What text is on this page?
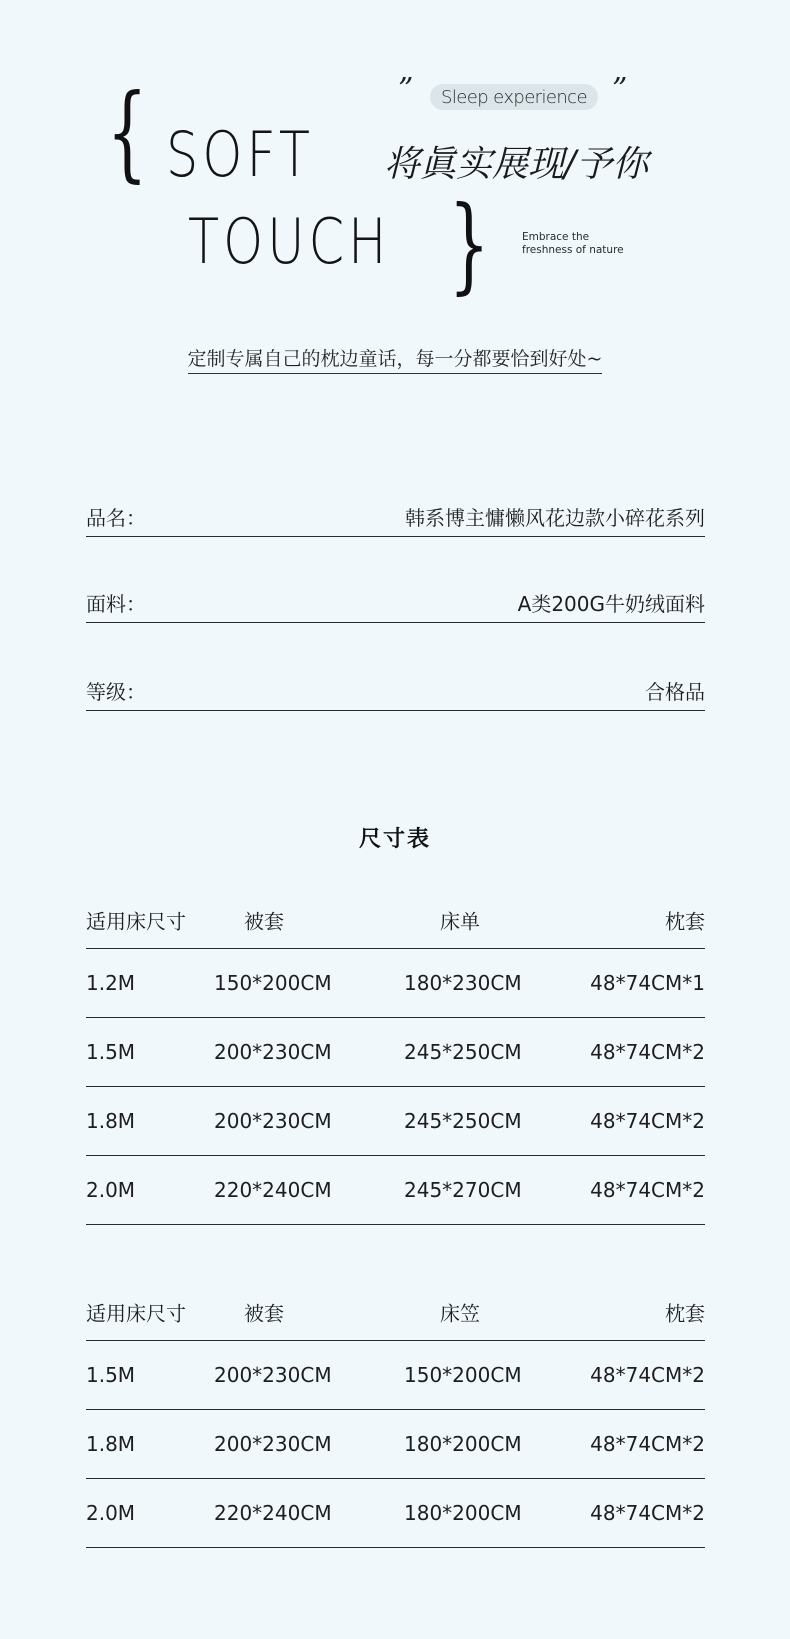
{ SOFT
TOUCH }
”	Sleep experience ”
将眞实展现/予你
Embrace the
freshness of nature
定制专属自己的枕边童话，每一分都要恰到好处~
品名：	韩系博主慵懒风花边款小碎花系列
面料：	A类200G牛奶绒面料
等级：	合格品
尺寸表
适用床尺寸	被套	床单	枕套
1.2M	150*200CM	180*230CM	48*74CM*1
1.5M	200*230CM	245*250CM	48*74CM*2
1.8M	200*230CM	245*250CM	48*74CM*2
2.0M	220*240CM	245*270CM	48*74CM*2
适用床尺寸	被套	床笠	枕套
1.5M	200*230CM	150*200CM	48*74CM*2
1.8M	200*230CM	180*200CM	48*74CM*2
2.0M	220*240CM	180*200CM	48*74CM*2
